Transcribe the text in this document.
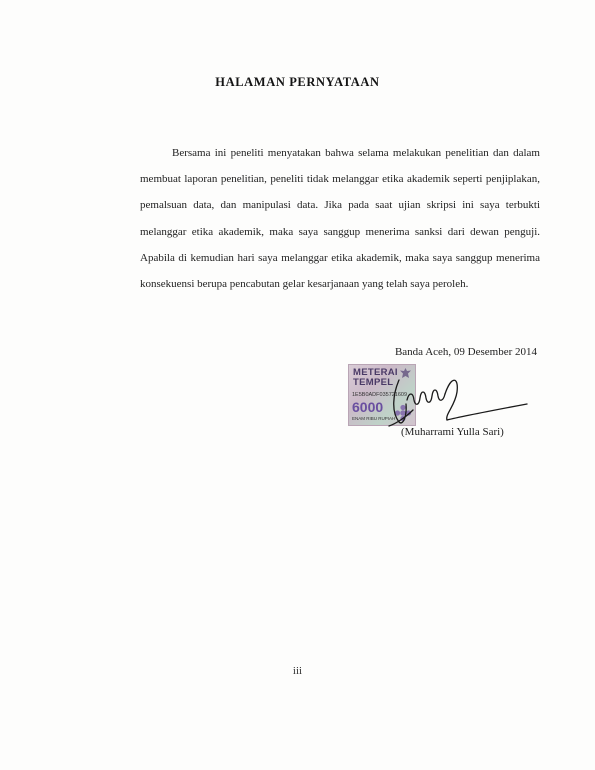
HALAMAN PERNYATAAN

Bersama ini peneliti menyatakan bahwa selama melakukan penelitian dan dalam membuat laporan penelitian, peneliti tidak melanggar etika akademik seperti penjiplakan, pemalsuan data, dan manipulasi data. Jika pada saat ujian skripsi ini saya terbukti melanggar etika akademik, maka saya sanggup menerima sanksi dari dewan penguji. Apabila di kemudian hari saya melanggar etika akademik, maka saya sanggup menerima konsekuensi berupa pencabutan gelar kesarjanaan yang telah saya peroleh.

Banda Aceh, 09 Desember 2014
METERAI
TEMPEL
1E5B0ADF035721609
6000
ENAM RIBU RUPIAH
(Muharrami Yulla Sari)
iii
